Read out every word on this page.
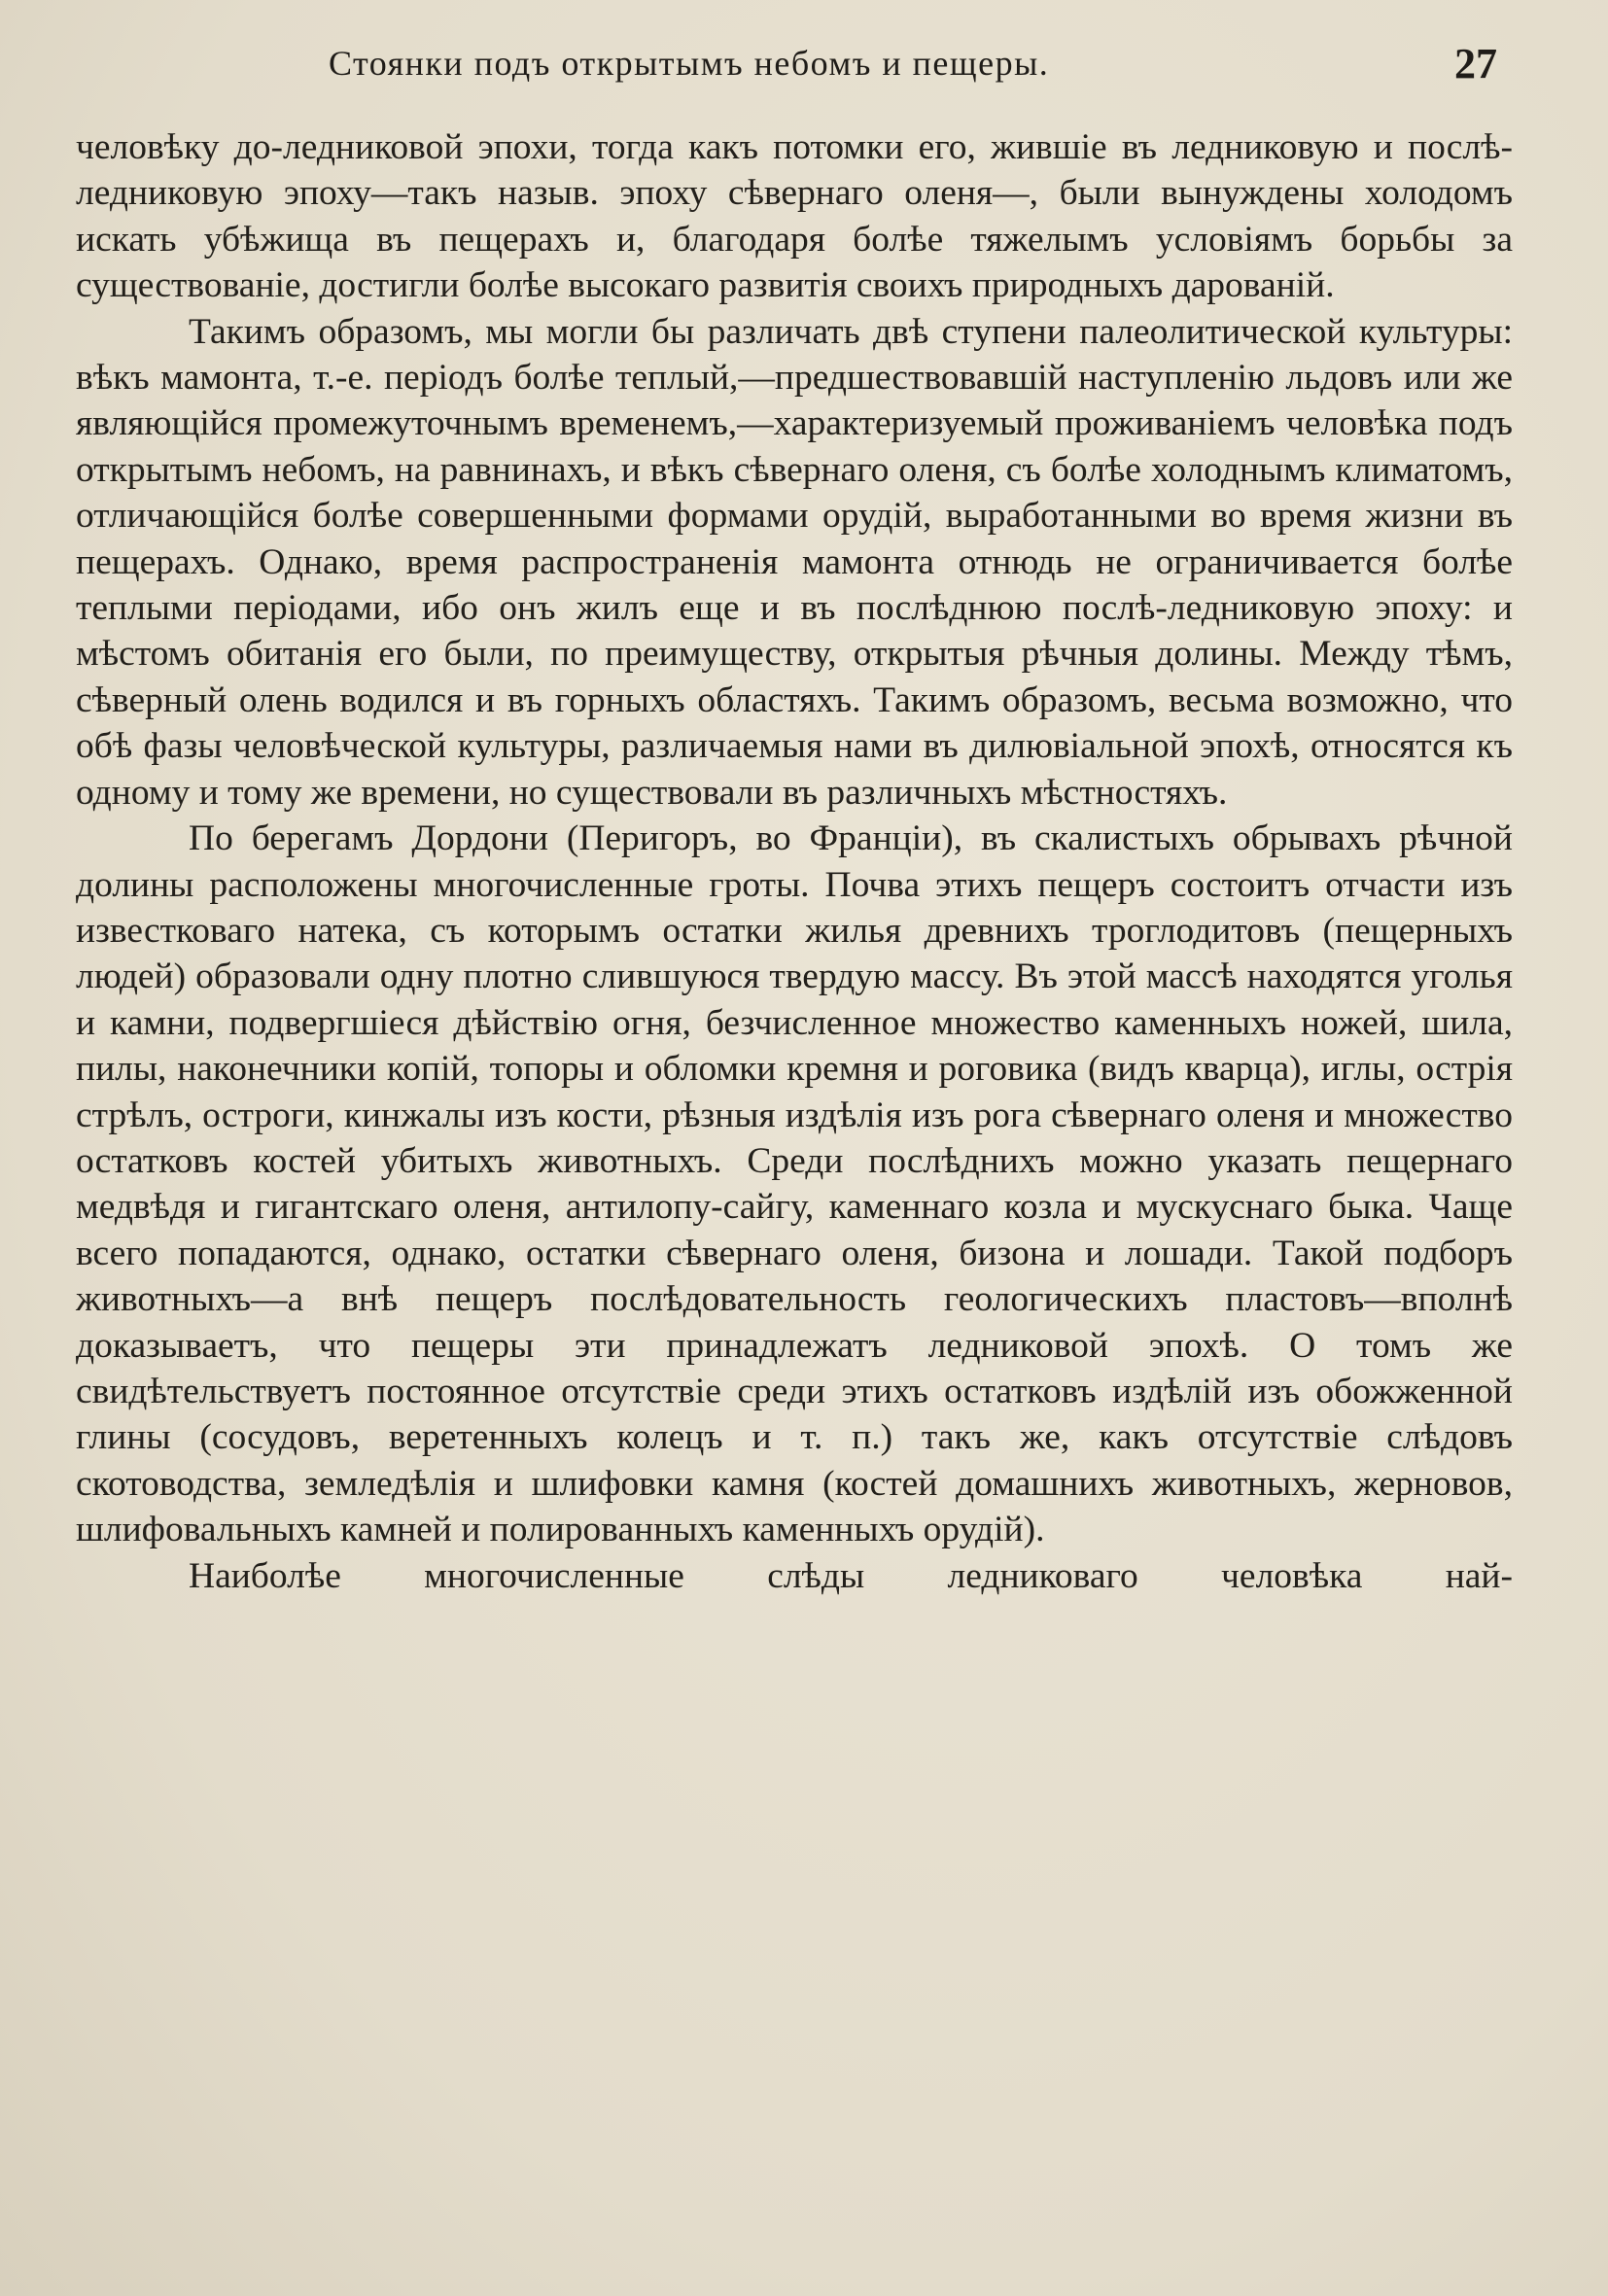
Стоянки подъ открытымъ небомъ и пещеры.	27

человѣку до-ледниковой эпохи, тогда какъ потомки его, жившіе въ ледниковую и послѣ-ледниковую эпоху—такъ назыв. эпоху сѣвернаго оленя—, были вынуждены холодомъ искать убѣжища въ пещерахъ и, благодаря болѣе тяжелымъ условіямъ борьбы за существованіе, достигли болѣе высокаго развитія своихъ природныхъ дарованій.

Такимъ образомъ, мы могли бы различать двѣ ступени палеолитической культуры: вѣкъ мамонта, т.-е. періодъ болѣе теплый,—предшествовавшій наступленію льдовъ или же являющійся промежуточнымъ временемъ,—характеризуемый проживаніемъ человѣка подъ открытымъ небомъ, на равнинахъ, и вѣкъ сѣвернаго оленя, съ болѣе холоднымъ климатомъ, отличающійся болѣе совершенными формами орудій, выработанными во время жизни въ пещерахъ. Однако, время распространенія мамонта отнюдь не ограничивается болѣе теплыми періодами, ибо онъ жилъ еще и въ послѣднюю послѣ-ледниковую эпоху: и мѣстомъ обитанія его были, по преимуществу, открытыя рѣчныя долины. Между тѣмъ, сѣверный олень водился и въ горныхъ областяхъ. Такимъ образомъ, весьма возможно, что обѣ фазы человѣческой культуры, различаемыя нами въ дилювіальной эпохѣ, относятся къ одному и тому же времени, но существовали въ различныхъ мѣстностяхъ.

По берегамъ Дордони (Перигоръ, во Франціи), въ скалистыхъ обрывахъ рѣчной долины расположены многочисленные гроты. Почва этихъ пещеръ состоитъ отчасти изъ известковаго натека, съ которымъ остатки жилья древнихъ троглодитовъ (пещерныхъ людей) образовали одну плотно слившуюся твердую массу. Въ этой массѣ находятся уголья и камни, подвергшіеся дѣйствію огня, безчисленное множество каменныхъ ножей, шила, пилы, наконечники копій, топоры и обломки кремня и роговика (видъ кварца), иглы, острія стрѣлъ, остроги, кинжалы изъ кости, рѣзныя издѣлія изъ рога сѣвернаго оленя и множество остатковъ костей убитыхъ животныхъ. Среди послѣднихъ можно указать пещернаго медвѣдя и гигантскаго оленя, антилопу-сайгу, каменнаго козла и мускуснаго быка. Чаще всего попадаются, однако, остатки сѣвернаго оленя, бизона и лошади. Такой подборъ животныхъ—а внѣ пещеръ послѣдовательность геологическихъ пластовъ—вполнѣ доказываетъ, что пещеры эти принадлежатъ ледниковой эпохѣ. О томъ же свидѣтельствуетъ постоянное отсутствіе среди этихъ остатковъ издѣлій изъ обожженной глины (сосудовъ, веретенныхъ колецъ и т. п.) такъ же, какъ отсутствіе слѣдовъ скотоводства, земледѣлія и шлифовки камня (костей домашнихъ животныхъ, жерновов, шлифовальныхъ камней и полированныхъ каменныхъ орудій).

Наиболѣе многочисленные слѣды ледниковаго человѣка най-
